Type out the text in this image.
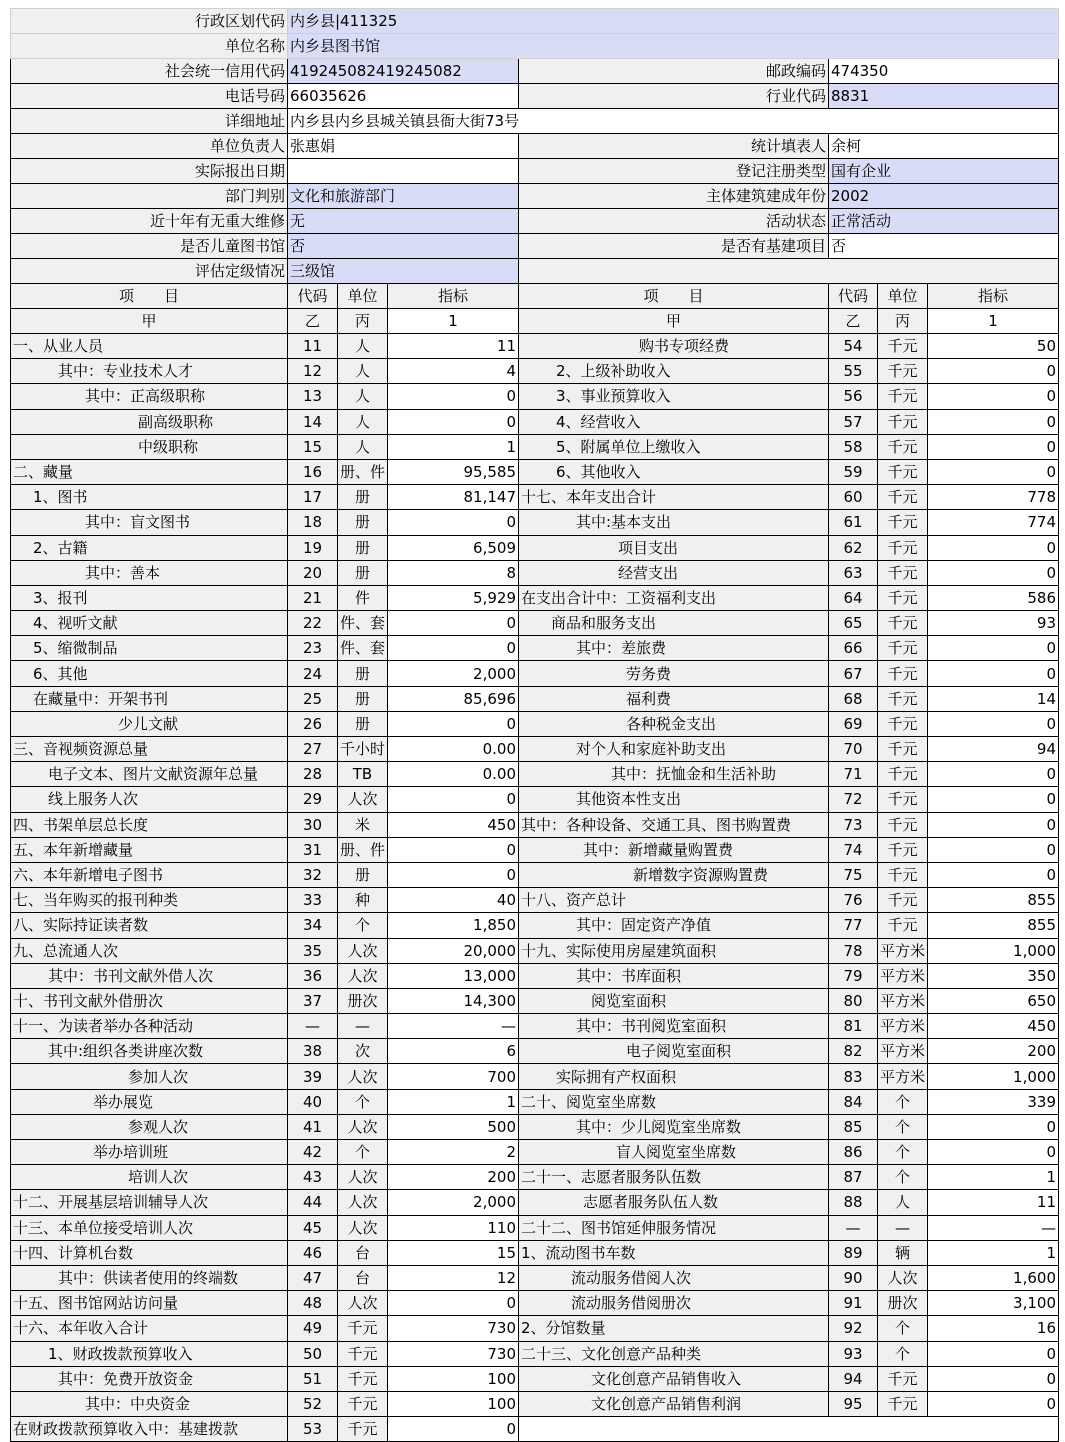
行政区划代码	内乡县|411325						
单位名称	内乡县图书馆						
社会统一信用代码	419245082419245082			邮政编码	474350		
电话号码	66035626			行业代码	8831		
详细地址	内乡县内乡县城关镇县衙大街73号						
单位负责人	张惠娟			统计填表人	余柯		
实际报出日期				登记注册类型	国有企业		
部门判别	文化和旅游部门			主体建筑建成年份	2002		
近十年有无重大维修	无			活动状态	正常活动		
是否儿童图书馆	否			是否有基建项目	否		
评估定级情况	三级馆						
项　　目	代码	单位	指标	项　　目	代码	单位	指标
甲	乙	丙	1	甲	乙	丙	1
一、从业人员	11	人	11	购书专项经费	54	千元	50
其中：专业技术人才	12	人	4	2、上级补助收入	55	千元	0
其中：正高级职称	13	人	0	3、事业预算收入	56	千元	0
副高级职称	14	人	0	4、经营收入	57	千元	0
中级职称	15	人	1	5、附属单位上缴收入	58	千元	0
二、藏量	16	册、件	95,585	6、其他收入	59	千元	0
1、图书	17	册	81,147	十七、本年支出合计	60	千元	778
其中：盲文图书	18	册	0	其中:基本支出	61	千元	774
2、古籍	19	册	6,509	项目支出	62	千元	0
其中：善本	20	册	8	经营支出	63	千元	0
3、报刊	21	件	5,929	在支出合计中：工资福利支出	64	千元	586
4、视听文献	22	件、套	0	商品和服务支出	65	千元	93
5、缩微制品	23	件、套	0	其中：差旅费	66	千元	0
6、其他	24	册	2,000	劳务费	67	千元	0
在藏量中：开架书刊	25	册	85,696	福利费	68	千元	14
少儿文献	26	册	0	各种税金支出	69	千元	0
三、音视频资源总量	27	千小时	0.00	对个人和家庭补助支出	70	千元	94
电子文本、图片文献资源年总量	28	TB	0.00	其中：抚恤金和生活补助	71	千元	0
线上服务人次	29	人次	0	其他资本性支出	72	千元	0
四、书架单层总长度	30	米	450	其中：各种设备、交通工具、图书购置费	73	千元	0
五、本年新增藏量	31	册、件	0	其中：新增藏量购置费	74	千元	0
六、本年新增电子图书	32	册	0	新增数字资源购置费	75	千元	0
七、当年购买的报刊种类	33	种	40	十八、资产总计	76	千元	855
八、实际持证读者数	34	个	1,850	其中：固定资产净值	77	千元	855
九、总流通人次	35	人次	20,000	十九、实际使用房屋建筑面积	78	平方米	1,000
其中：书刊文献外借人次	36	人次	13,000	其中：书库面积	79	平方米	350
十、书刊文献外借册次	37	册次	14,300	阅览室面积	80	平方米	650
十一、为读者举办各种活动	—	—	—	其中：书刊阅览室面积	81	平方米	450
其中:组织各类讲座次数	38	次	6	电子阅览室面积	82	平方米	200
参加人次	39	人次	700	实际拥有产权面积	83	平方米	1,000
举办展览	40	个	1	二十、阅览室坐席数	84	个	339
参观人次	41	人次	500	其中：少儿阅览室坐席数	85	个	0
举办培训班	42	个	2	盲人阅览室坐席数	86	个	0
培训人次	43	人次	200	二十一、志愿者服务队伍数	87	个	1
十二、开展基层培训辅导人次	44	人次	2,000	志愿者服务队伍人数	88	人	11
十三、本单位接受培训人次	45	人次	110	二十二、图书馆延伸服务情况	—	—	—
十四、计算机台数	46	台	15	1、流动图书车数	89	辆	1
其中：供读者使用的终端数	47	台	12	流动服务借阅人次	90	人次	1,600
十五、图书馆网站访问量	48	人次	0	流动服务借阅册次	91	册次	3,100
十六、本年收入合计	49	千元	730	2、分馆数量	92	个	16
1、财政拨款预算收入	50	千元	730	二十三、文化创意产品种类	93	个	0
其中：免费开放资金	51	千元	100	文化创意产品销售收入	94	千元	0
其中：中央资金	52	千元	100	文化创意产品销售利润	95	千元	0
在财政拨款预算收入中：基建拨款	53	千元	0				
